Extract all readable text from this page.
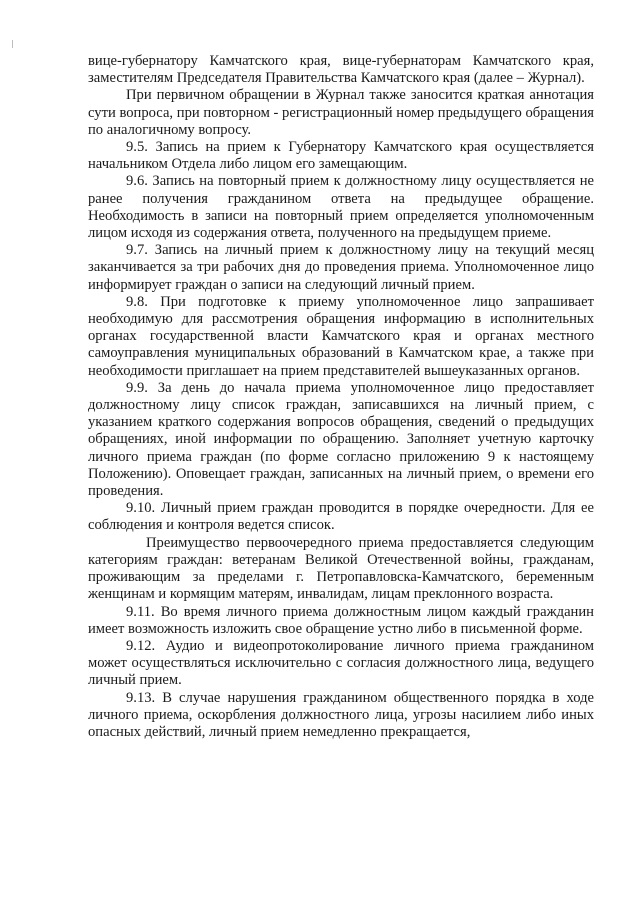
вице-губернатору Камчатского края, вице-губернаторам Камчатского края, заместителям Председателя Правительства Камчатского края (далее – Журнал).

При первичном обращении в Журнал также заносится краткая аннотация сути вопроса, при повторном - регистрационный номер предыдущего обращения по аналогичному вопросу.

9.5. Запись на прием к Губернатору Камчатского края осуществляется начальником Отдела либо лицом его замещающим.

9.6. Запись на повторный прием к должностному лицу осуществляется не ранее получения гражданином ответа на предыдущее обращение. Необходимость в записи на повторный прием определяется уполномоченным лицом исходя из содержания ответа, полученного на предыдущем приеме.

9.7. Запись на личный прием к должностному лицу на текущий месяц заканчивается за три рабочих дня до проведения приема. Уполномоченное лицо информирует граждан о записи на следующий личный прием.

9.8. При подготовке к приему уполномоченное лицо запрашивает необходимую для рассмотрения обращения информацию в исполнительных органах государственной власти Камчатского края и органах местного самоуправления муниципальных образований в Камчатском крае, а также при необходимости приглашает на прием представителей вышеуказанных органов.

9.9. За день до начала приема уполномоченное лицо предоставляет должностному лицу список граждан, записавшихся на личный прием, с указанием краткого содержания вопросов обращения, сведений о предыдущих обращениях, иной информации по обращению. Заполняет учетную карточку личного приема граждан (по форме согласно приложению 9 к настоящему Положению). Оповещает граждан, записанных на личный прием, о времени его проведения.

9.10. Личный прием граждан проводится в порядке очередности. Для ее соблюдения и контроля ведется список.

Преимущество первоочередного приема предоставляется следующим категориям граждан: ветеранам Великой Отечественной войны, гражданам, проживающим за пределами г. Петропавловска-Камчатского, беременным женщинам и кормящим матерям, инвалидам, лицам преклонного возраста.

9.11. Во время личного приема должностным лицом каждый гражданин имеет возможность изложить свое обращение устно либо в письменной форме.

9.12. Аудио и видеопротоколирование личного приема гражданином может осуществляться исключительно с согласия должностного лица, ведущего личный прием.

9.13. В случае нарушения гражданином общественного порядка в ходе личного приема, оскорбления должностного лица, угрозы насилием либо иных опасных действий, личный прием немедленно прекращается,
